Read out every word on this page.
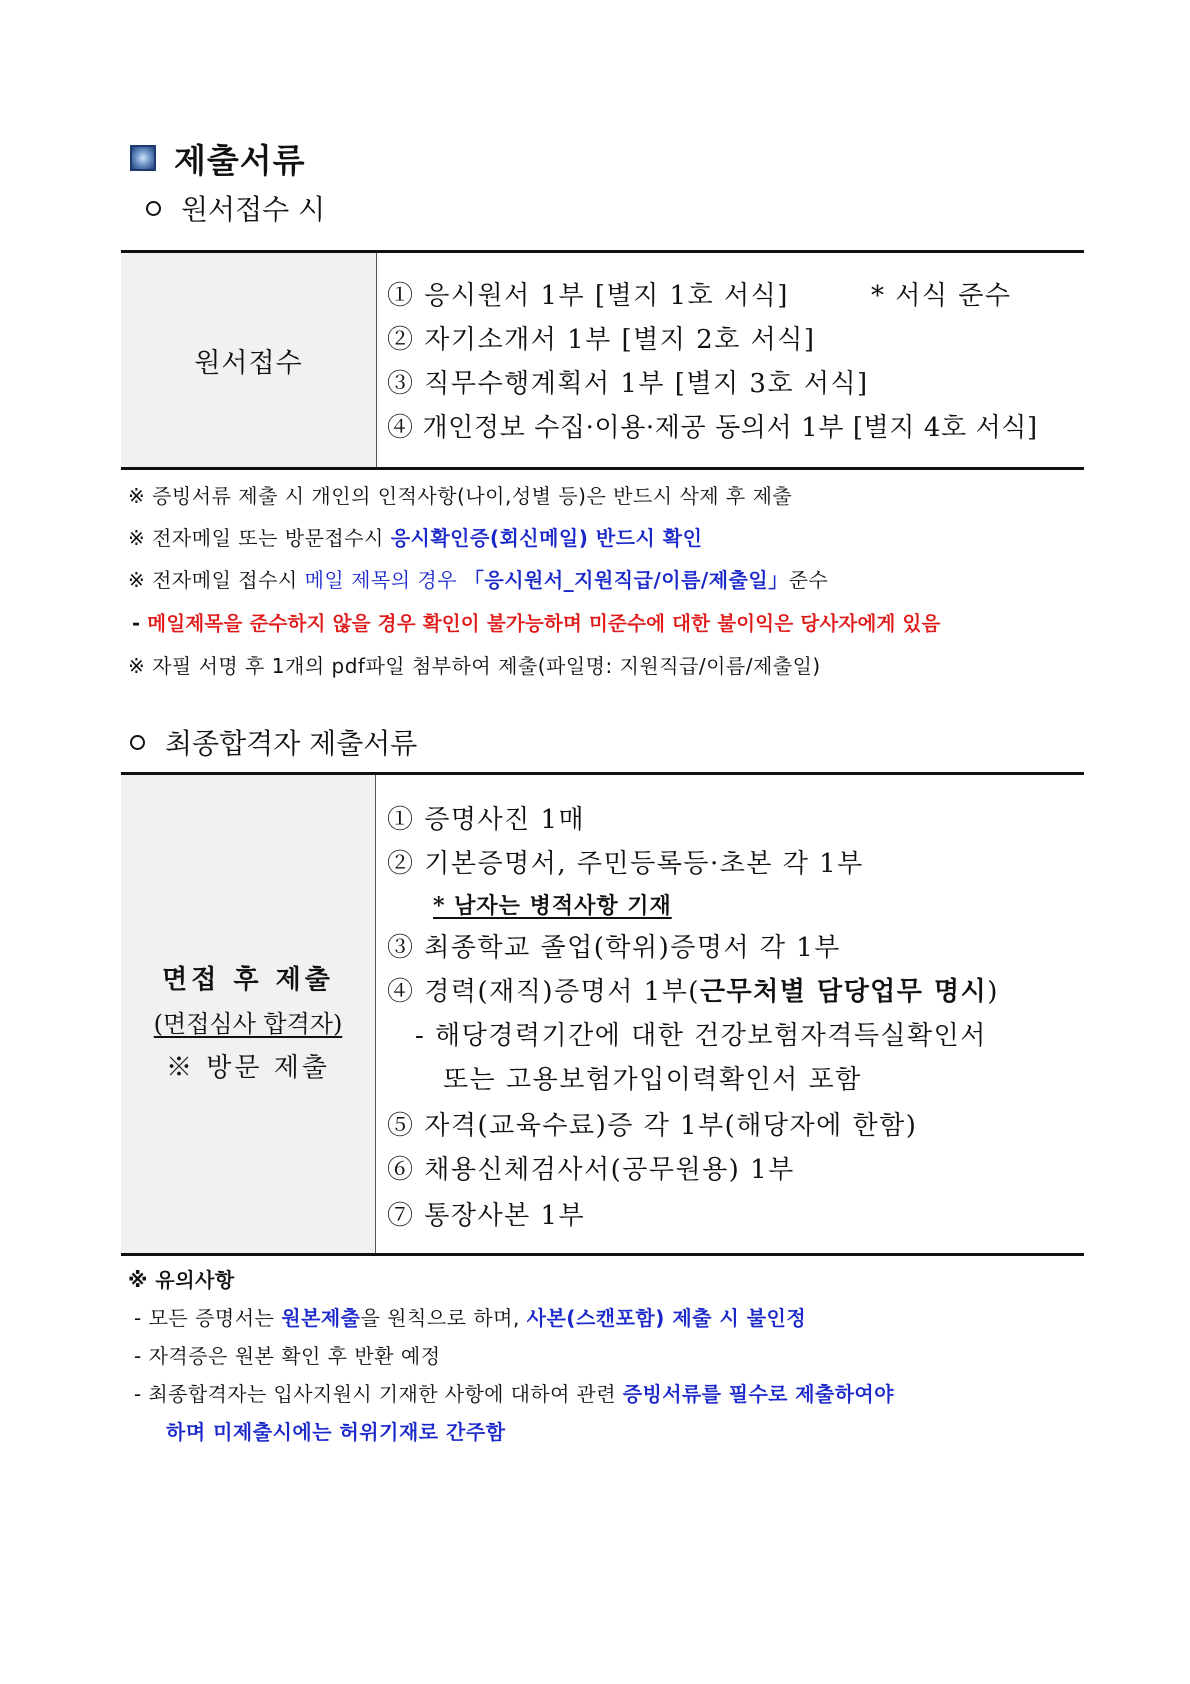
제출서류
원서접수 시
원서접수
① 응시원서 1부 [별지 1호 서식]	* 서식 준수
② 자기소개서 1부 [별지 2호 서식]
③ 직무수행계획서 1부 [별지 3호 서식]
④ 개인정보 수집·이용·제공 동의서 1부 [별지 4호 서식]
※ 증빙서류 제출 시 개인의 인적사항(나이,성별 등)은 반드시 삭제 후 제출
※ 전자메일 또는 방문접수시 응시확인증(회신메일) 반드시 확인
※ 전자메일 접수시 메일 제목의 경우 「응시원서_지원직급/이름/제출일」준수
- 메일제목을 준수하지 않을 경우 확인이 불가능하며 미준수에 대한 불이익은 당사자에게 있음
※ 자필 서명 후 1개의 pdf파일 첨부하여 제출(파일명: 지원직급/이름/제출일)
최종합격자 제출서류
면접 후 제출
(면접심사 합격자)
※ 방문 제출
① 증명사진 1매
② 기본증명서, 주민등록등·초본 각 1부
* 남자는 병적사항 기재
③ 최종학교 졸업(학위)증명서 각 1부
④ 경력(재직)증명서 1부(근무처별 담당업무 명시)
- 해당경력기간에 대한 건강보험자격득실확인서
또는 고용보험가입이력확인서 포함
⑤ 자격(교육수료)증 각 1부(해당자에 한함)
⑥ 채용신체검사서(공무원용) 1부
⑦ 통장사본 1부
※ 유의사항
- 모든 증명서는 원본제출을 원칙으로 하며, 사본(스캔포함) 제출 시 불인정
- 자격증은 원본 확인 후 반환 예정
- 최종합격자는 입사지원시 기재한 사항에 대하여 관련 증빙서류를 필수로 제출하여야
하며 미제출시에는 허위기재로 간주함
